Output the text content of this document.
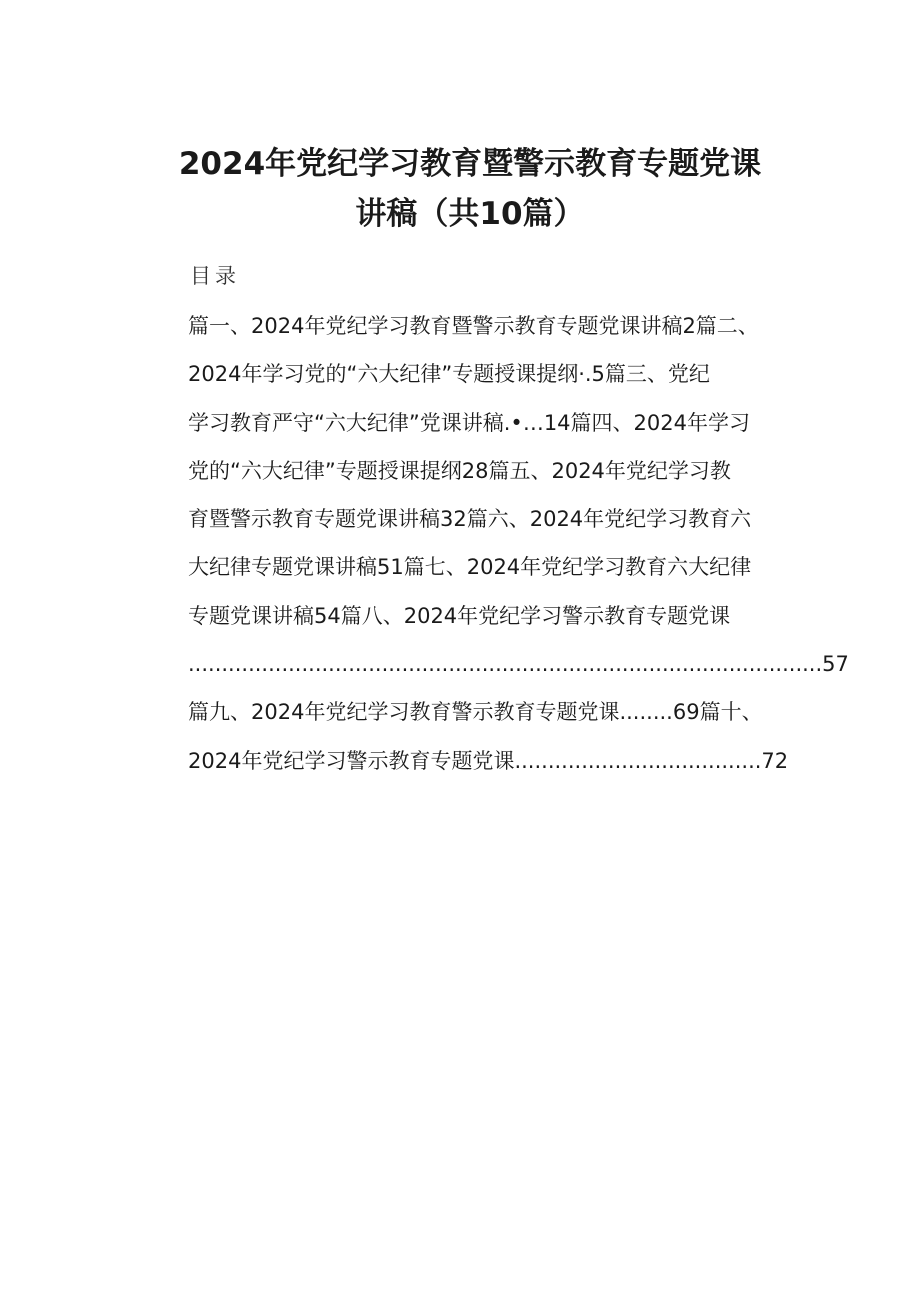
2024年党纪学习教育暨警示教育专题党课
讲稿（共10篇）
目录
篇一、2024年党纪学习教育暨警示教育专题党课讲稿2篇二、
2024年学习党的“六大纪律”专题授课提纲·.5篇三、党纪
学习教育严守“六大纪律”党课讲稿.•…14篇四、2024年学习
党的“六大纪律”专题授课提纲28篇五、2024年党纪学习教
育暨警示教育专题党课讲稿32篇六、2024年党纪学习教育六
大纪律专题党课讲稿51篇七、2024年党纪学习教育六大纪律
专题党课讲稿54篇八、2024年党纪学习警示教育专题党课
...............................................................................................57
篇九、2024年党纪学习教育警示教育专题党课........69篇十、
2024年党纪学习警示教育专题党课.....................................72
